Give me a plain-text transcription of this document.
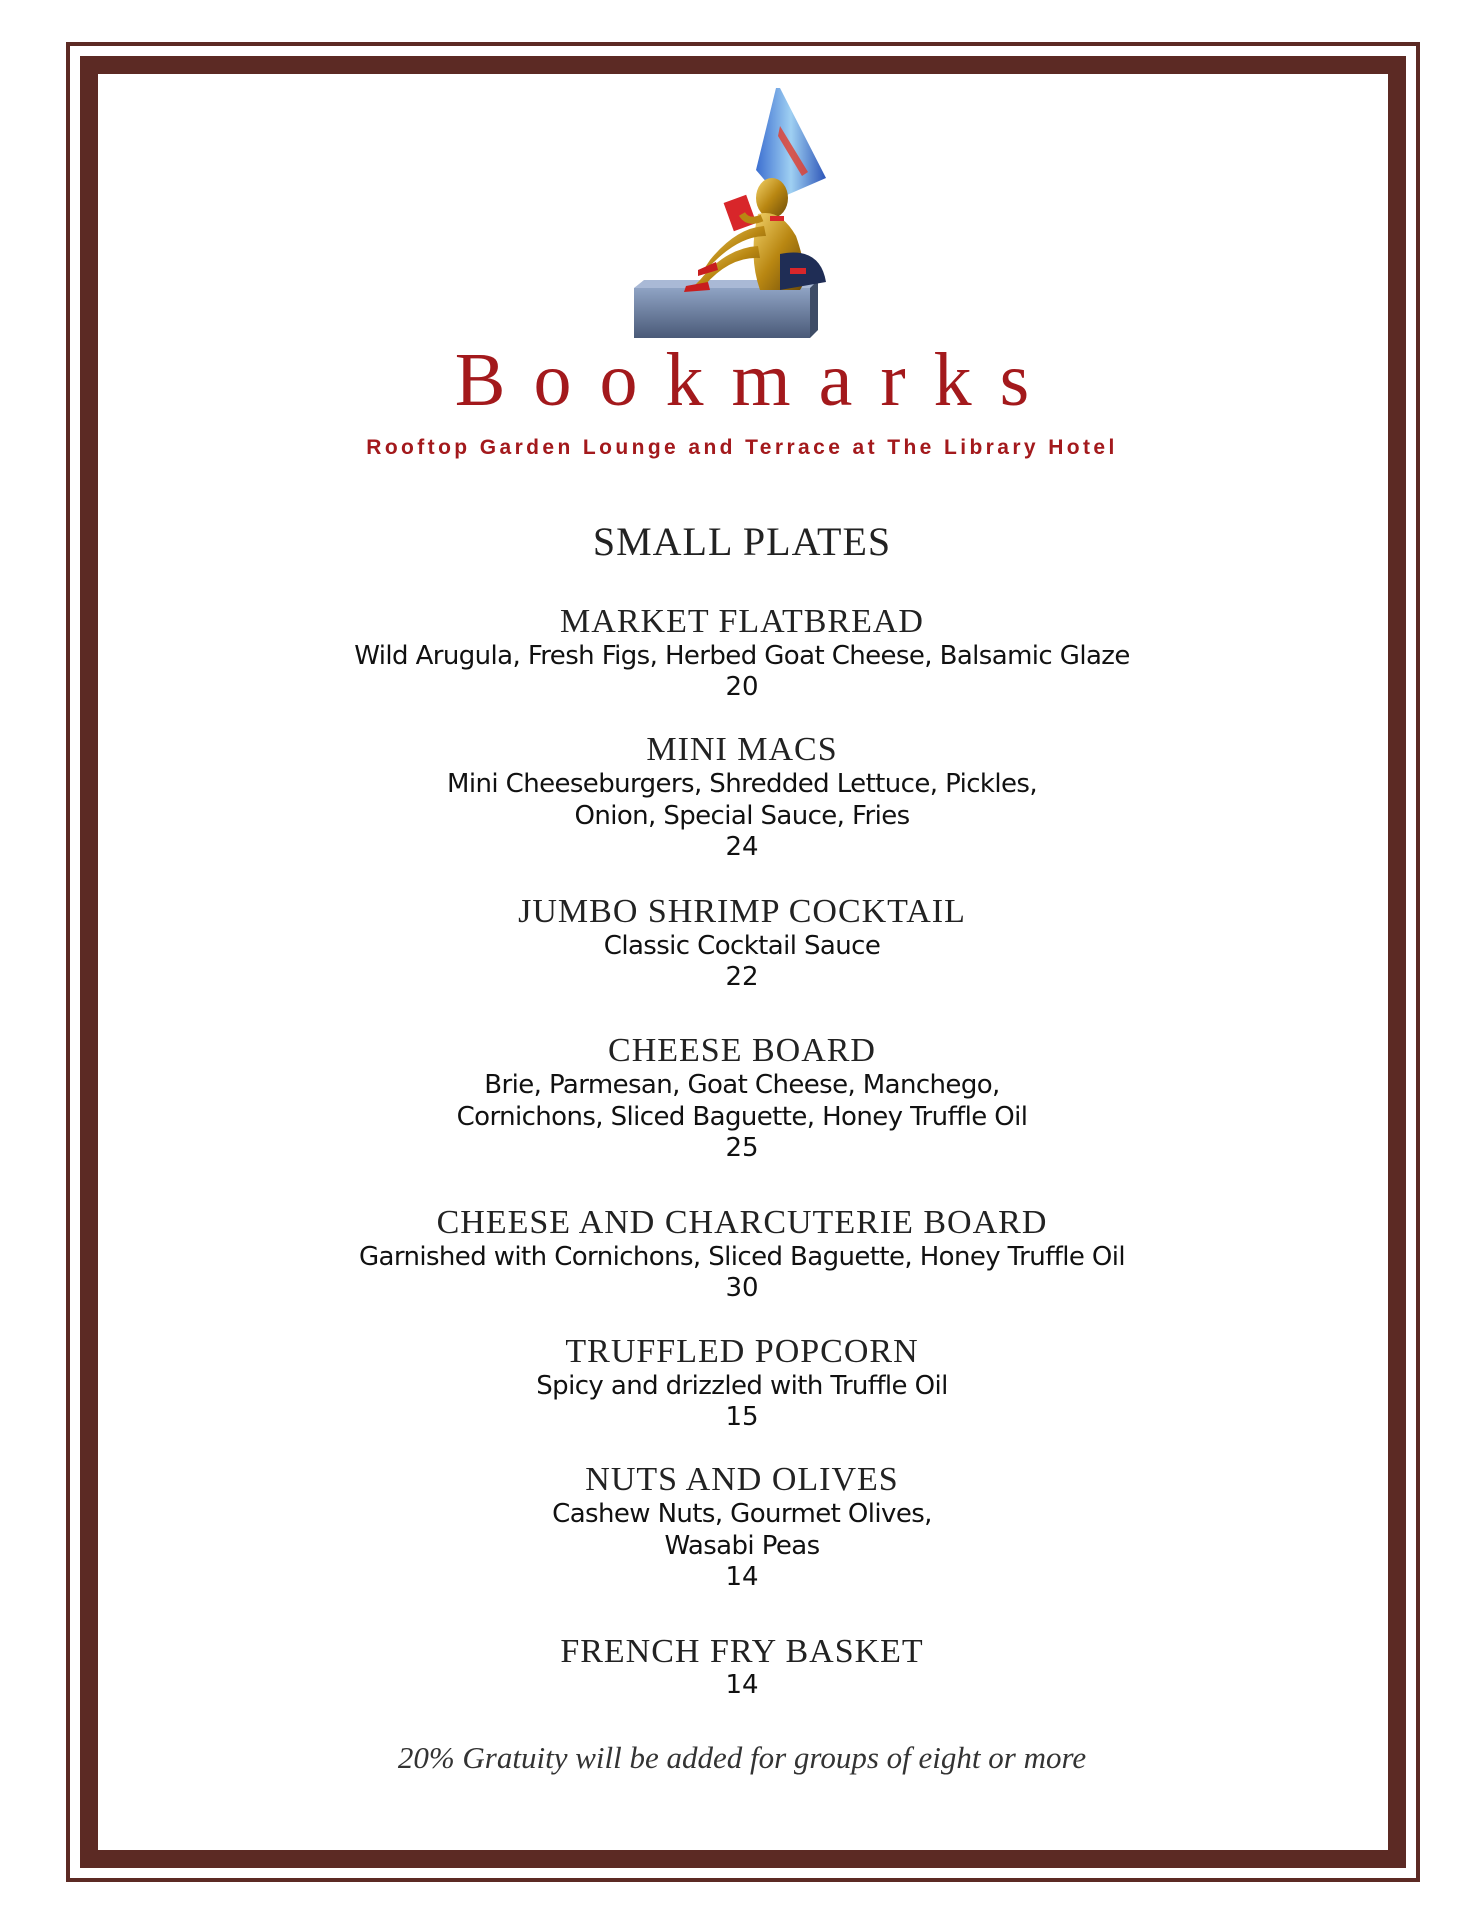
Bookmarks
Rooftop Garden Lounge and Terrace at The Library Hotel
SMALL PLATES
MARKET FLATBREAD
Wild Arugula, Fresh Figs, Herbed Goat Cheese, Balsamic Glaze
20
MINI MACS
Mini Cheeseburgers, Shredded Lettuce, Pickles,
Onion, Special Sauce, Fries
24
JUMBO SHRIMP COCKTAIL
Classic Cocktail Sauce
22
CHEESE BOARD
Brie, Parmesan, Goat Cheese, Manchego,
Cornichons, Sliced Baguette, Honey Truffle Oil
25
CHEESE AND CHARCUTERIE BOARD
Garnished with Cornichons, Sliced Baguette, Honey Truffle Oil
30
TRUFFLED POPCORN
Spicy and drizzled with Truffle Oil
15
NUTS AND OLIVES
Cashew Nuts, Gourmet Olives,
Wasabi Peas
14
FRENCH FRY BASKET
14
20% Gratuity will be added for groups of eight or more
